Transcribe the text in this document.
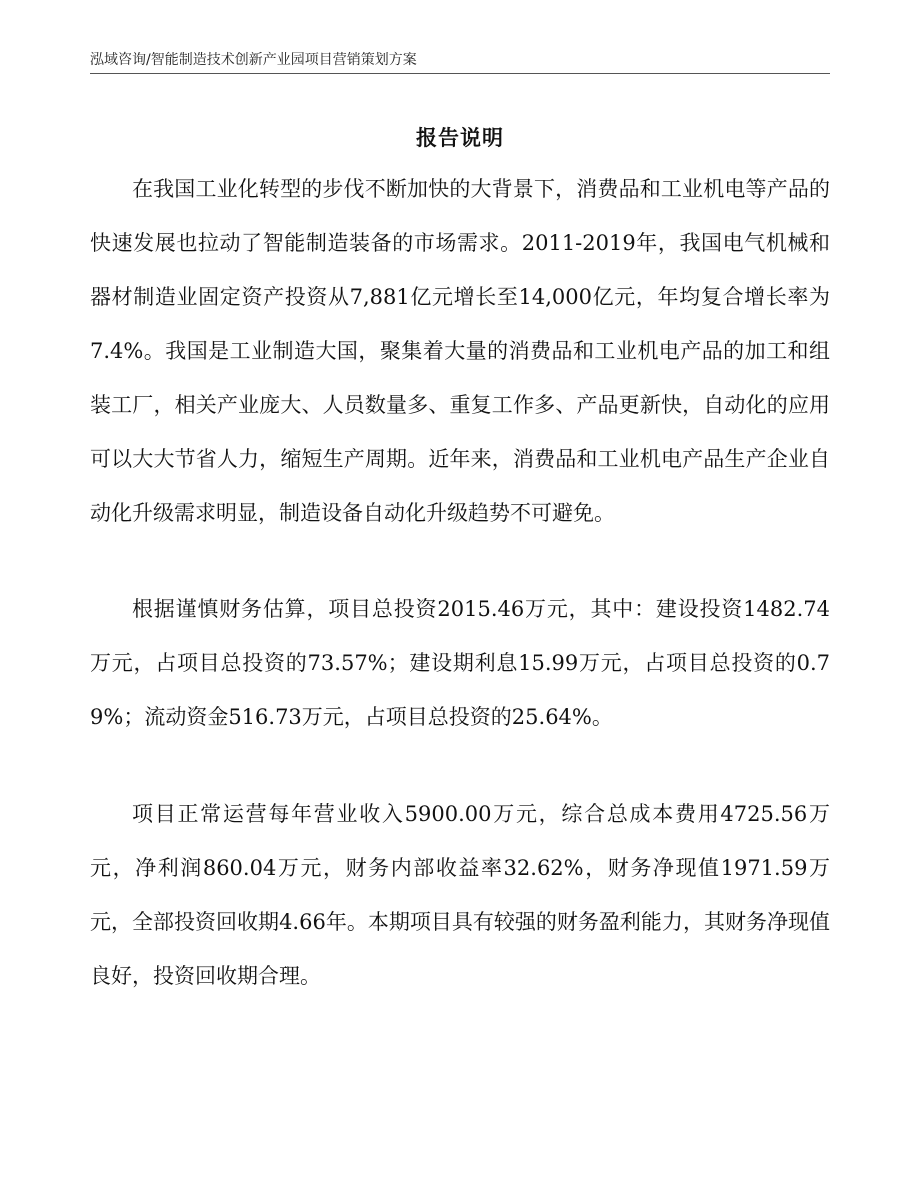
泓域咨询/智能制造技术创新产业园项目营销策划方案
报告说明

在我国工业化转型的步伐不断加快的大背景下，消费品和工业机电等产品的快速发展也拉动了智能制造装备的市场需求。2011-2019年，我国电气机械和器材制造业固定资产投资从7,881亿元增长至14,000亿元，年均复合增长率为7.4%。我国是工业制造大国，聚集着大量的消费品和工业机电产品的加工和组装工厂，相关产业庞大、人员数量多、重复工作多、产品更新快，自动化的应用可以大大节省人力，缩短生产周期。近年来，消费品和工业机电产品生产企业自动化升级需求明显，制造设备自动化升级趋势不可避免。

根据谨慎财务估算，项目总投资2015.46万元，其中：建设投资1482.74万元，占项目总投资的73.57%；建设期利息15.99万元，占项目总投资的0.79%；流动资金516.73万元，占项目总投资的25.64%。

项目正常运营每年营业收入5900.00万元，综合总成本费用4725.56万元，净利润860.04万元，财务内部收益率32.62%，财务净现值1971.59万元，全部投资回收期4.66年。本期项目具有较强的财务盈利能力，其财务净现值良好，投资回收期合理。
